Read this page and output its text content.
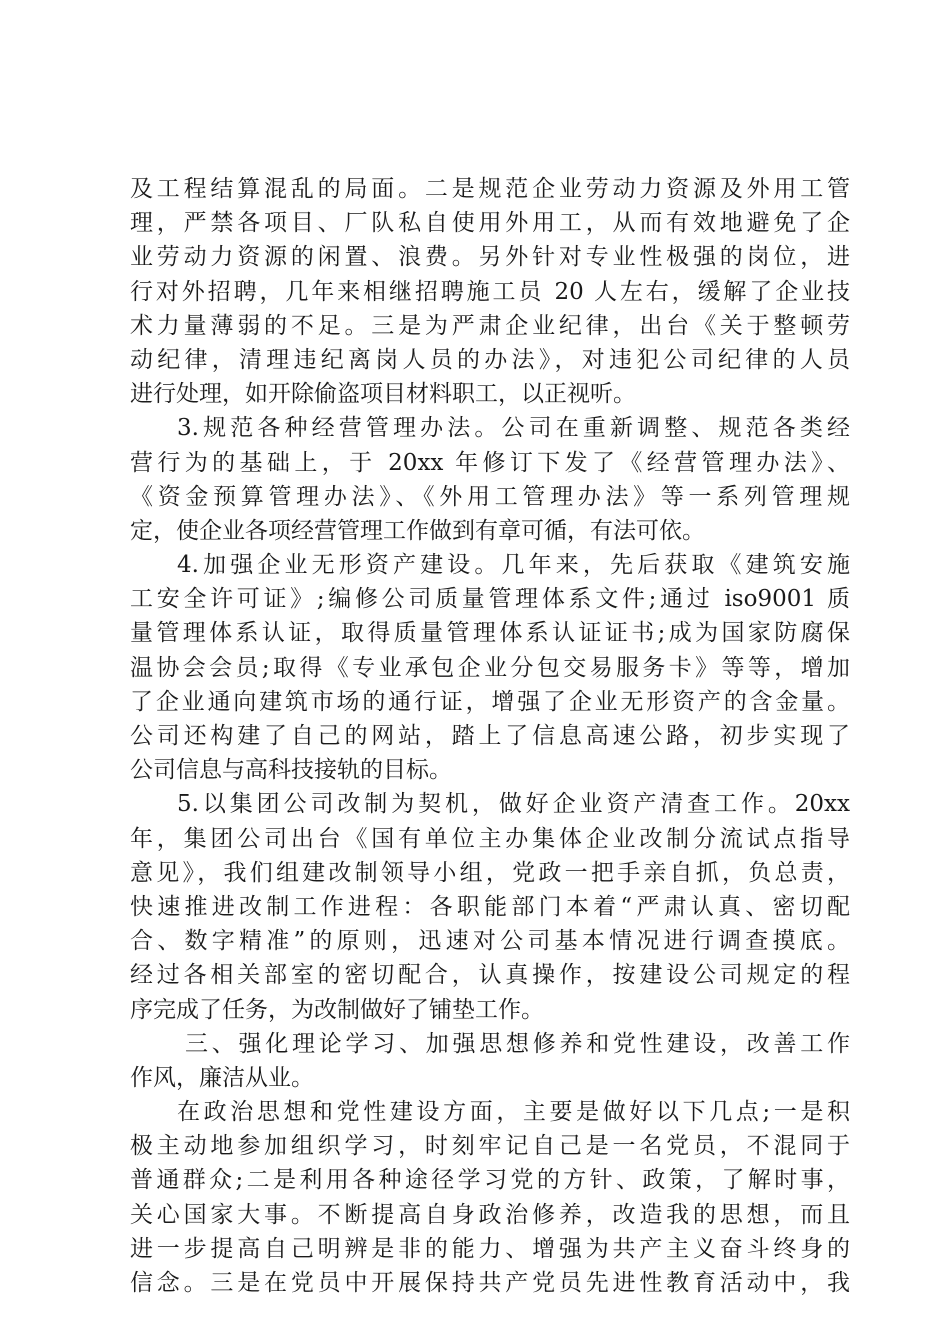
及工程结算混乱的局面。二是规范企业劳动力资源及外用工管
理，严禁各项目、厂队私自使用外用工，从而有效地避免了企
业劳动力资源的闲置、浪费。另外针对专业性极强的岗位，进
行对外招聘，几年来相继招聘施工员 20 人左右，缓解了企业技
术力量薄弱的不足。三是为严肃企业纪律，出台《关于整顿劳
动纪律，清理违纪离岗人员的办法》，对违犯公司纪律的人员
进行处理，如开除偷盗项目材料职工，以正视听。
3.规范各种经营管理办法。公司在重新调整、规范各类经
营行为的基础上，于 20xx 年修订下发了《经营管理办法》、
《资金预算管理办法》、《外用工管理办法》等一系列管理规
定，使企业各项经营管理工作做到有章可循，有法可依。
4.加强企业无形资产建设。几年来，先后获取《建筑安施
工安全许可证》;编修公司质量管理体系文件;通过 iso9001 质
量管理体系认证，取得质量管理体系认证证书;成为国家防腐保
温协会会员;取得《专业承包企业分包交易服务卡》等等，增加
了企业通向建筑市场的通行证，增强了企业无形资产的含金量。
公司还构建了自己的网站，踏上了信息高速公路，初步实现了
公司信息与高科技接轨的目标。
5.以集团公司改制为契机，做好企业资产清查工作。20xx
年，集团公司出台《国有单位主办集体企业改制分流试点指导
意见》，我们组建改制领导小组，党政一把手亲自抓，负总责，
快速推进改制工作进程：各职能部门本着“严肃认真、密切配
合、数字精准”的原则，迅速对公司基本情况进行调查摸底。
经过各相关部室的密切配合，认真操作，按建设公司规定的程
序完成了任务，为改制做好了铺垫工作。
三、强化理论学习、加强思想修养和党性建设，改善工作
作风，廉洁从业。
在政治思想和党性建设方面，主要是做好以下几点;一是积
极主动地参加组织学习，时刻牢记自己是一名党员，不混同于
普通群众;二是利用各种途径学习党的方针、政策，了解时事，
关心国家大事。不断提高自身政治修养，改造我的思想，而且
进一步提高自己明辨是非的能力、增强为共产主义奋斗终身的
信念。三是在党员中开展保持共产党员先进性教育活动中，我
